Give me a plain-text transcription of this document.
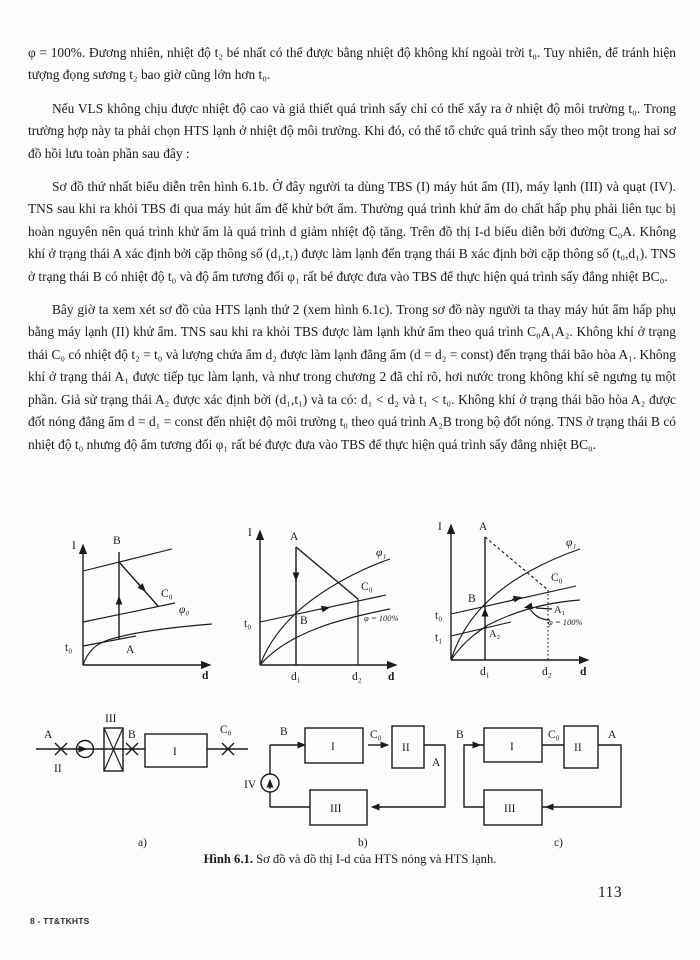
φ = 100%. Đương nhiên, nhiệt độ t₂ bé nhất có thể được bằng nhiệt độ không khí ngoài trời t₀. Tuy nhiên, để tránh hiện tượng đọng sương t₂ bao giờ cũng lớn hơn t₀.

Nếu VLS không chịu được nhiệt độ cao và giả thiết quá trình sấy chỉ có thể xẩy ra ở nhiệt độ môi trường t₀. Trong trường hợp này ta phải chọn HTS lạnh ở nhiệt độ môi trường. Khi đó, có thể tổ chức quá trình sấy theo một trong hai sơ đồ hồi lưu toàn phần sau đây :

Sơ đồ thứ nhất biểu diễn trên hình 6.1b. Ở đây người ta dùng TBS (I) máy hút ẩm (II), máy lạnh (III) và quạt (IV). TNS sau khi ra khỏi TBS đi qua máy hút ẩm để khử bớt ẩm. Thường quá trình khử ẩm do chất hấp phụ phải liên tục bị hoàn nguyên nên quá trình khử ẩm là quá trình d giảm nhiệt độ tăng. Trên đồ thị I-d biểu diễn bởi đường C₀A. Không khí ở trạng thái A xác định bởi cặp thông số (d₁,t₁) được làm lạnh đến trạng thái B xác định bởi cặp thông số (t₀,d₁). TNS ở trạng thái B có nhiệt độ t₀ và độ ẩm tương đối φ₁ rất bé được đưa vào TBS để thực hiện quá trình sấy đẳng nhiệt BC₀.

Bây giờ ta xem xét sơ đồ của HTS lạnh thứ 2 (xem hình 6.1c). Trong sơ đồ này người ta thay máy hút ẩm hấp phụ bằng máy lạnh (II) khử ẩm. TNS sau khi ra khỏi TBS được làm lạnh khử ẩm theo quá trình C₀A₁A₂. Không khí ở trạng thái C₀ có nhiệt độ t₂ = t₀ và lượng chứa ẩm d₂ được làm lạnh đẳng ẩm (d = d₂ = const) đến trạng thái bão hòa A₁. Không khí ở trạng thái A₁ được tiếp tục làm lạnh, và như trong chương 2 đã chỉ rõ, hơi nước trong không khí sẽ ngưng tụ một phần. Giả sử trạng thái A₂ được xác định bởi (d₁,t₁) và ta có: d₁ < d₂ và t₁ < t₀. Không khí ở trạng thái bão hòa A₂ được đốt nóng đẳng ẩm d = d₁ = const đến nhiệt độ môi trường t₀ theo quá trình A₂B trong bộ đốt nóng. TNS ở trạng thái B có nhiệt độ t₀ nhưng độ ẩm tương đối φ₁ rất bé được đưa vào TBS để thực hiện quá trình sấy đẳng nhiệt BC₀.

I	B
C₀
φ₀
t₀	A
d
I	A
φ₁
C₀
B
t₀	φ = 100%
d₁	d₂ d
I	A
φ₁
C₀
B
A₂
A₁
φ = 100%
t₀
t₁
d₁	d₂ d
A
II
III
B
I
C₀
a)
B
I
C₀
II
A
IV
III
b)
B
I
C₀
II
A
III
c)
Hình 6.1. Sơ đồ và đồ thị I-d của HTS nóng và HTS lạnh.
113
8 - TT&TKHTS
